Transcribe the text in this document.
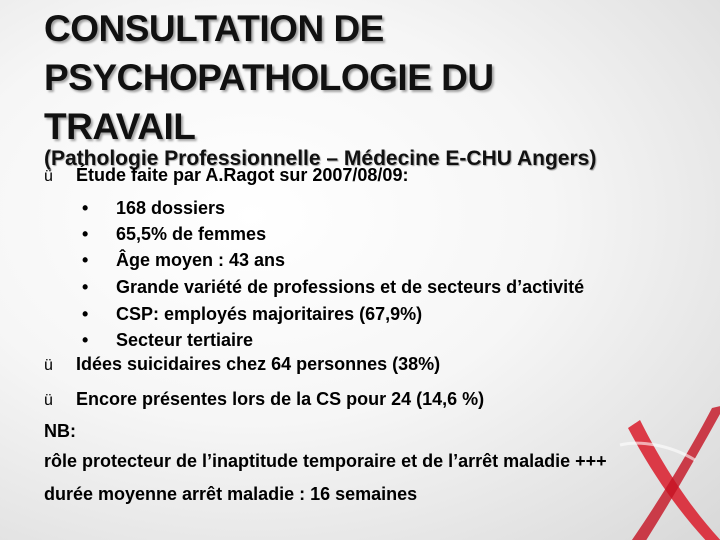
CONSULTATION DE
PSYCHOPATHOLOGIE DU
TRAVAIL
(Pathologie Professionnelle – Médecine E-CHU Angers)
ü Étude faite par A.Ragot sur 2007/08/09:
•	168 dossiers
•	65,5% de femmes
•	Âge moyen : 43 ans
•	Grande variété de professions et de secteurs d’activité
•	CSP: employés majoritaires (67,9%)
•	Secteur tertiaire
ü Idées suicidaires chez 64 personnes (38%)
ü Encore présentes lors de la CS pour 24 (14,6 %)
NB:
rôle protecteur de l’inaptitude temporaire et de l’arrêt maladie +++
durée moyenne arrêt maladie : 16 semaines
